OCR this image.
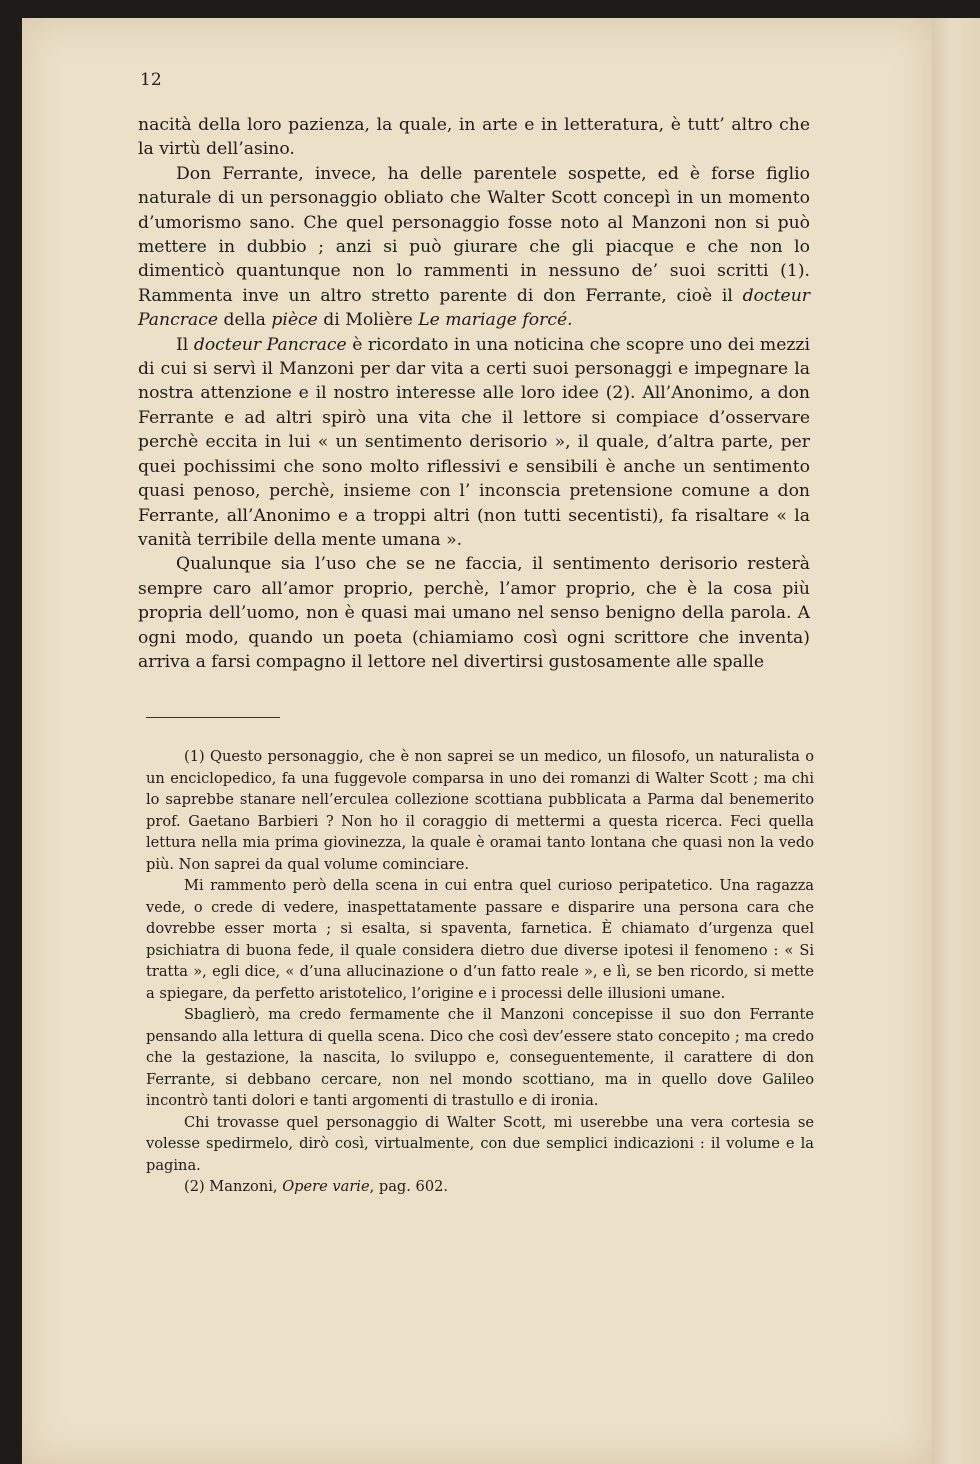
12

nacità della loro pazienza, la quale, in arte e in letteratura, è tutt’ altro che la virtù dell’asino.

Don Ferrante, invece, ha delle parentele sospette, ed è forse figlio naturale di un personaggio obliato che Walter Scott concepì in un momento d’umorismo sano. Che quel personaggio fosse noto al Manzoni non si può mettere in dubbio ; anzi si può giurare che gli piacque e che non lo dimenticò quantunque non lo rammenti in nessuno de’ suoi scritti (1). Rammenta inve un altro stretto parente di don Ferrante, cioè il docteur Pancrace della pièce di Molière Le mariage forcé.

Il docteur Pancrace è ricordato in una noticina che scopre uno dei mezzi di cui si servì il Manzoni per dar vita a certi suoi personaggi e impegnare la nostra attenzione e il nostro interesse alle loro idee (2). All’Anonimo, a don Ferrante e ad altri spirò una vita che il lettore si compiace d’osservare perchè eccita in lui « un sentimento derisorio », il quale, d’altra parte, per quei pochissimi che sono molto riflessivi e sensibili è anche un sentimento quasi penoso, perchè, insieme con l’ inconscia pretensione comune a don Ferrante, all’Anonimo e a troppi altri (non tutti secentisti), fa risaltare « la vanità terribile della mente umana ».

Qualunque sia l’uso che se ne faccia, il sentimento derisorio resterà sempre caro all’amor proprio, perchè, l’amor proprio, che è la cosa più propria dell’uomo, non è quasi mai umano nel senso benigno della parola. A ogni modo, quando un poeta (chiamiamo così ogni scrittore che inventa) arriva a farsi compagno il lettore nel divertirsi gustosamente alle spalle

(1) Questo personaggio, che è non saprei se un medico, un filosofo, un naturalista o un enciclopedico, fa una fuggevole comparsa in uno dei romanzi di Walter Scott ; ma chi lo saprebbe stanare nell’erculea collezione scottiana pubblicata a Parma dal benemerito prof. Gaetano Barbieri ? Non ho il coraggio di mettermi a questa ricerca. Feci quella lettura nella mia prima giovinezza, la quale è oramai tanto lontana che quasi non la vedo più. Non saprei da qual volume cominciare.

Mi rammento però della scena in cui entra quel curioso peripatetico. Una ragazza vede, o crede di vedere, inaspettatamente passare e disparire una persona cara che dovrebbe esser morta ; si esalta, si spaventa, farnetica. È chiamato d’urgenza quel psichiatra di buona fede, il quale considera dietro due diverse ipotesi il fenomeno : « Si tratta », egli dice, « d’una allucinazione o d’un fatto reale », e lì, se ben ricordo, si mette a spiegare, da perfetto aristotelico, l’origine e i processi delle illusioni umane.

Sbaglierò, ma credo fermamente che il Manzoni concepisse il suo don Ferrante pensando alla lettura di quella scena. Dico che così dev’essere stato concepito ; ma credo che la gestazione, la nascita, lo sviluppo e, conseguentemente, il carattere di don Ferrante, si debbano cercare, non nel mondo scottiano, ma in quello dove Galileo incontrò tanti dolori e tanti argomenti di trastullo e di ironia.

Chi trovasse quel personaggio di Walter Scott, mi userebbe una vera cortesia se volesse spedirmelo, dirò così, virtualmente, con due semplici indicazioni : il volume e la pagina.

(2) Manzoni, Opere varie, pag. 602.
